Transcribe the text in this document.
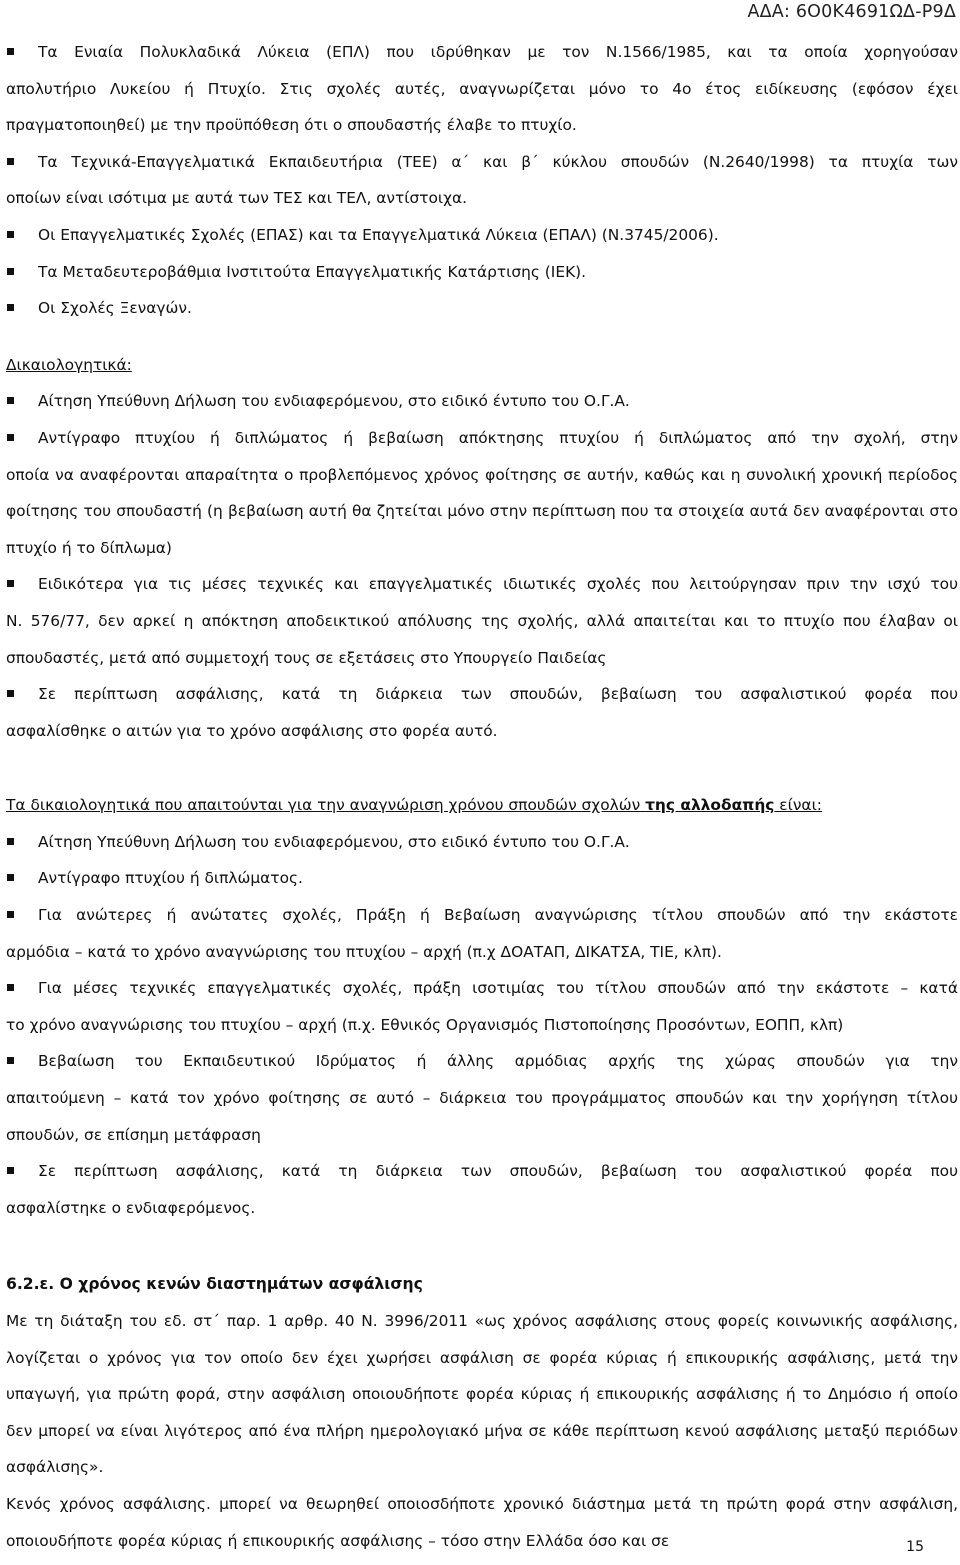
ΑΔΑ: 6Ο0Κ4691ΩΔ-Ρ9Δ

Τα Ενιαία Πολυκλαδικά Λύκεια (ΕΠΛ) που ιδρύθηκαν με τον Ν.1566/1985, και τα οποία χορηγούσαν

απολυτήριο Λυκείου ή Πτυχίο. Στις σχολές αυτές, αναγνωρίζεται μόνο το 4ο έτος ειδίκευσης (εφόσον έχει πραγματοποιηθεί) με την προϋπόθεση ότι ο σπουδαστής έλαβε το πτυχίο.

Τα Τεχνικά-Επαγγελματικά Εκπαιδευτήρια (ΤΕΕ) α΄ και β΄ κύκλου σπουδών (Ν.2640/1998) τα πτυχία των

οποίων είναι ισότιμα με αυτά των ΤΕΣ και ΤΕΛ, αντίστοιχα.

Οι Επαγγελματικές Σχολές (ΕΠΑΣ) και τα Επαγγελματικά Λύκεια (ΕΠΑΛ) (Ν.3745/2006).

Τα Μεταδευτεροβάθμια Ινστιτούτα Επαγγελματικής Κατάρτισης (ΙΕΚ).

Οι Σχολές Ξεναγών.

Δικαιολογητικά:

Αίτηση Υπεύθυνη Δήλωση του ενδιαφερόμενου, στο ειδικό έντυπο του Ο.Γ.Α.

Αντίγραφο πτυχίου ή διπλώματος ή βεβαίωση απόκτησης πτυχίου ή διπλώματος από την σχολή, στην

οποία να αναφέρονται απαραίτητα ο προβλεπόμενος χρόνος φοίτησης σε αυτήν, καθώς και η συνολική χρονική περίοδος φοίτησης του σπουδαστή (η βεβαίωση αυτή θα ζητείται μόνο στην περίπτωση που τα στοιχεία αυτά δεν αναφέρονται στο πτυχίο ή το δίπλωμα)

Ειδικότερα για τις μέσες τεχνικές και επαγγελματικές ιδιωτικές σχολές που λειτούργησαν πριν την ισχύ του

Ν. 576/77, δεν αρκεί η απόκτηση αποδεικτικού απόλυσης της σχολής, αλλά απαιτείται και το πτυχίο που έλαβαν οι σπουδαστές, μετά από συμμετοχή τους σε εξετάσεις στο Υπουργείο Παιδείας

Σε περίπτωση ασφάλισης, κατά τη διάρκεια των σπουδών, βεβαίωση του ασφαλιστικού φορέα που

ασφαλίσθηκε ο αιτών για το χρόνο ασφάλισης στο φορέα αυτό.

Τα δικαιολογητικά που απαιτούνται για την αναγνώριση χρόνου σπουδών σχολών της αλλοδαπής είναι:

Αίτηση Υπεύθυνη Δήλωση του ενδιαφερόμενου, στο ειδικό έντυπο του Ο.Γ.Α.

Αντίγραφο πτυχίου ή διπλώματος.

Για ανώτερες ή ανώτατες σχολές, Πράξη ή Βεβαίωση αναγνώρισης τίτλου σπουδών από την εκάστοτε

αρμόδια – κατά το χρόνο αναγνώρισης του πτυχίου – αρχή (π.χ ΔΟΑΤΑΠ, ΔΙΚΑΤΣΑ, ΤΙΕ, κλπ).

Για μέσες τεχνικές επαγγελματικές σχολές, πράξη ισοτιμίας του τίτλου σπουδών από την εκάστοτε – κατά

το χρόνο αναγνώρισης του πτυχίου – αρχή (π.χ. Εθνικός Οργανισμός Πιστοποίησης Προσόντων, ΕΟΠΠ, κλπ)

Βεβαίωση του Εκπαιδευτικού Ιδρύματος ή άλλης αρμόδιας αρχής της χώρας σπουδών για την

απαιτούμενη – κατά τον χρόνο φοίτησης σε αυτό – διάρκεια του προγράμματος σπουδών και την χορήγηση τίτλου σπουδών, σε επίσημη μετάφραση

Σε περίπτωση ασφάλισης, κατά τη διάρκεια των σπουδών, βεβαίωση του ασφαλιστικού φορέα που

ασφαλίστηκε ο ενδιαφερόμενος.

6.2.ε. Ο χρόνος κενών διαστημάτων ασφάλισης

Με τη διάταξη του εδ. στ΄ παρ. 1 αρθρ. 40 Ν. 3996/2011 «ως χρόνος ασφάλισης στους φορείς κοινωνικής ασφάλισης, λογίζεται ο χρόνος για τον οποίο δεν έχει χωρήσει ασφάλιση σε φορέα κύριας ή επικουρικής ασφάλισης, μετά την υπαγωγή, για πρώτη φορά, στην ασφάλιση οποιουδήποτε φορέα κύριας ή επικουρικής ασφάλισης ή το Δημόσιο ή οποίο δεν μπορεί να είναι λιγότερος από ένα πλήρη ημερολογιακό μήνα σε κάθε περίπτωση κενού ασφάλισης μεταξύ περιόδων ασφάλισης».

Κενός χρόνος ασφάλισης. μπορεί να θεωρηθεί οποιοσδήποτε χρονικό διάστημα μετά τη πρώτη φορά στην ασφάλιση, οποιουδήποτε φορέα κύριας ή επικουρικής ασφάλισης – τόσο στην Ελλάδα όσο και σε	15
